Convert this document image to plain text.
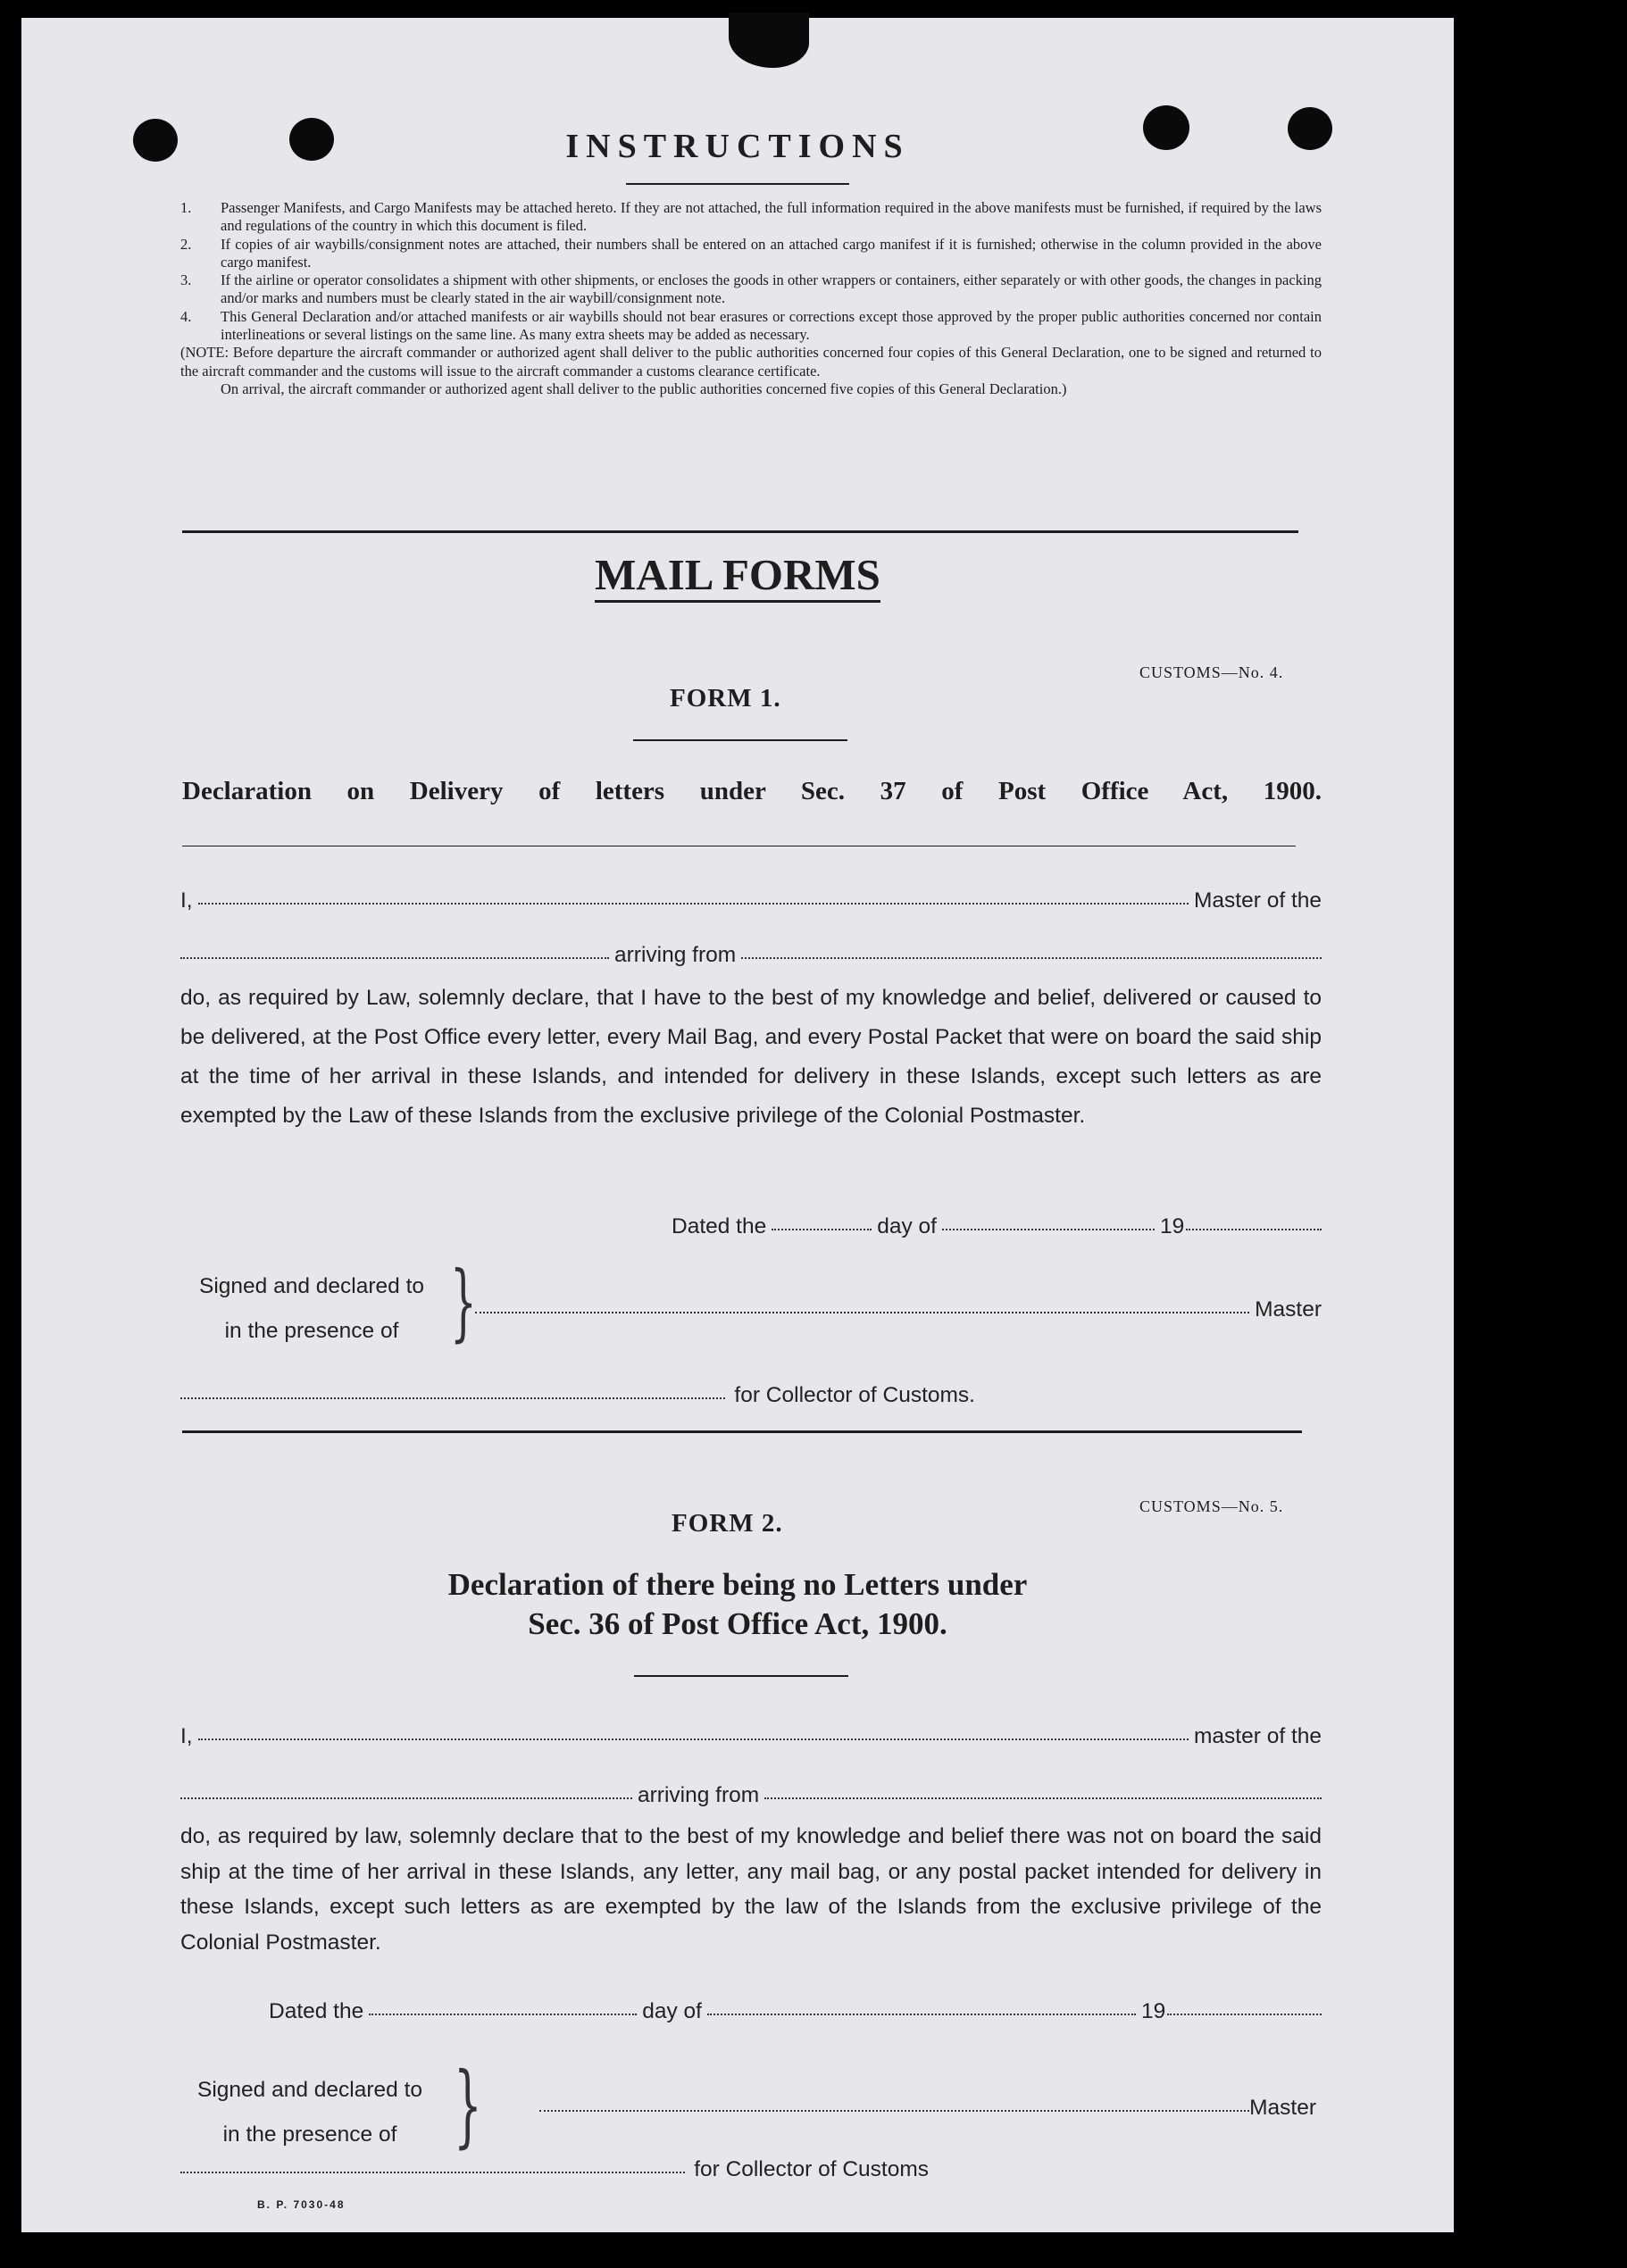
INSTRUCTIONS
1.	Passenger Manifests, and Cargo Manifests may be attached hereto. If they are not attached, the full information required in the above manifests must be furnished, if required by the laws and regulations of the country in which this document is filed.
2.	If copies of air waybills/consignment notes are attached, their numbers shall be entered on an attached cargo manifest if it is furnished; otherwise in the column provided in the above cargo manifest.
3.	If the airline or operator consolidates a shipment with other shipments, or encloses the goods in other wrappers or containers, either separately or with other goods, the changes in packing and/or marks and numbers must be clearly stated in the air waybill/consignment note.
4.	This General Declaration and/or attached manifests or air waybills should not bear erasures or corrections except those approved by the proper public authorities concerned nor contain interlineations or several listings on the same line. As many extra sheets may be added as necessary.
(NOTE: Before departure the aircraft commander or authorized agent shall deliver to the public authorities concerned four copies of this General Declaration, one to be signed and returned to the aircraft commander and the customs will issue to the aircraft commander a customs clearance certificate.
On arrival, the aircraft commander or authorized agent shall deliver to the public authorities concerned five copies of this General Declaration.)
MAIL FORMS
CUSTOMS—No. 4.
FORM 1.
Declaration on Delivery of letters under Sec. 37 of Post Office Act, 1900.
I,	Master of the
arriving from
do, as required by Law, solemnly declare, that I have to the best of my knowledge and belief, delivered or caused to be delivered, at the Post Office every letter, every Mail Bag, and every Postal Packet that were on board the said ship at the time of her arrival in these Islands, and intended for delivery in these Islands, except such letters as are exempted by the Law of these Islands from the exclusive privilege of the Colonial Postmaster.
Dated the	day of	19
Signed and declared to
in the presence of }	Master
for Collector of Customs.
CUSTOMS—No. 5.
FORM 2.
Declaration of there being no Letters under
Sec. 36 of Post Office Act, 1900.
I,	master of the
arriving from
do, as required by law, solemnly declare that to the best of my knowledge and belief there was not on board the said ship at the time of her arrival in these Islands, any letter, any mail bag, or any postal packet intended for delivery in these Islands, except such letters as are exempted by the law of the Islands from the exclusive privilege of the Colonial Postmaster.
Dated the	day of	19
Signed and declared to
in the presence of }	Master
for Collector of Customs
B. P. 7030-48
